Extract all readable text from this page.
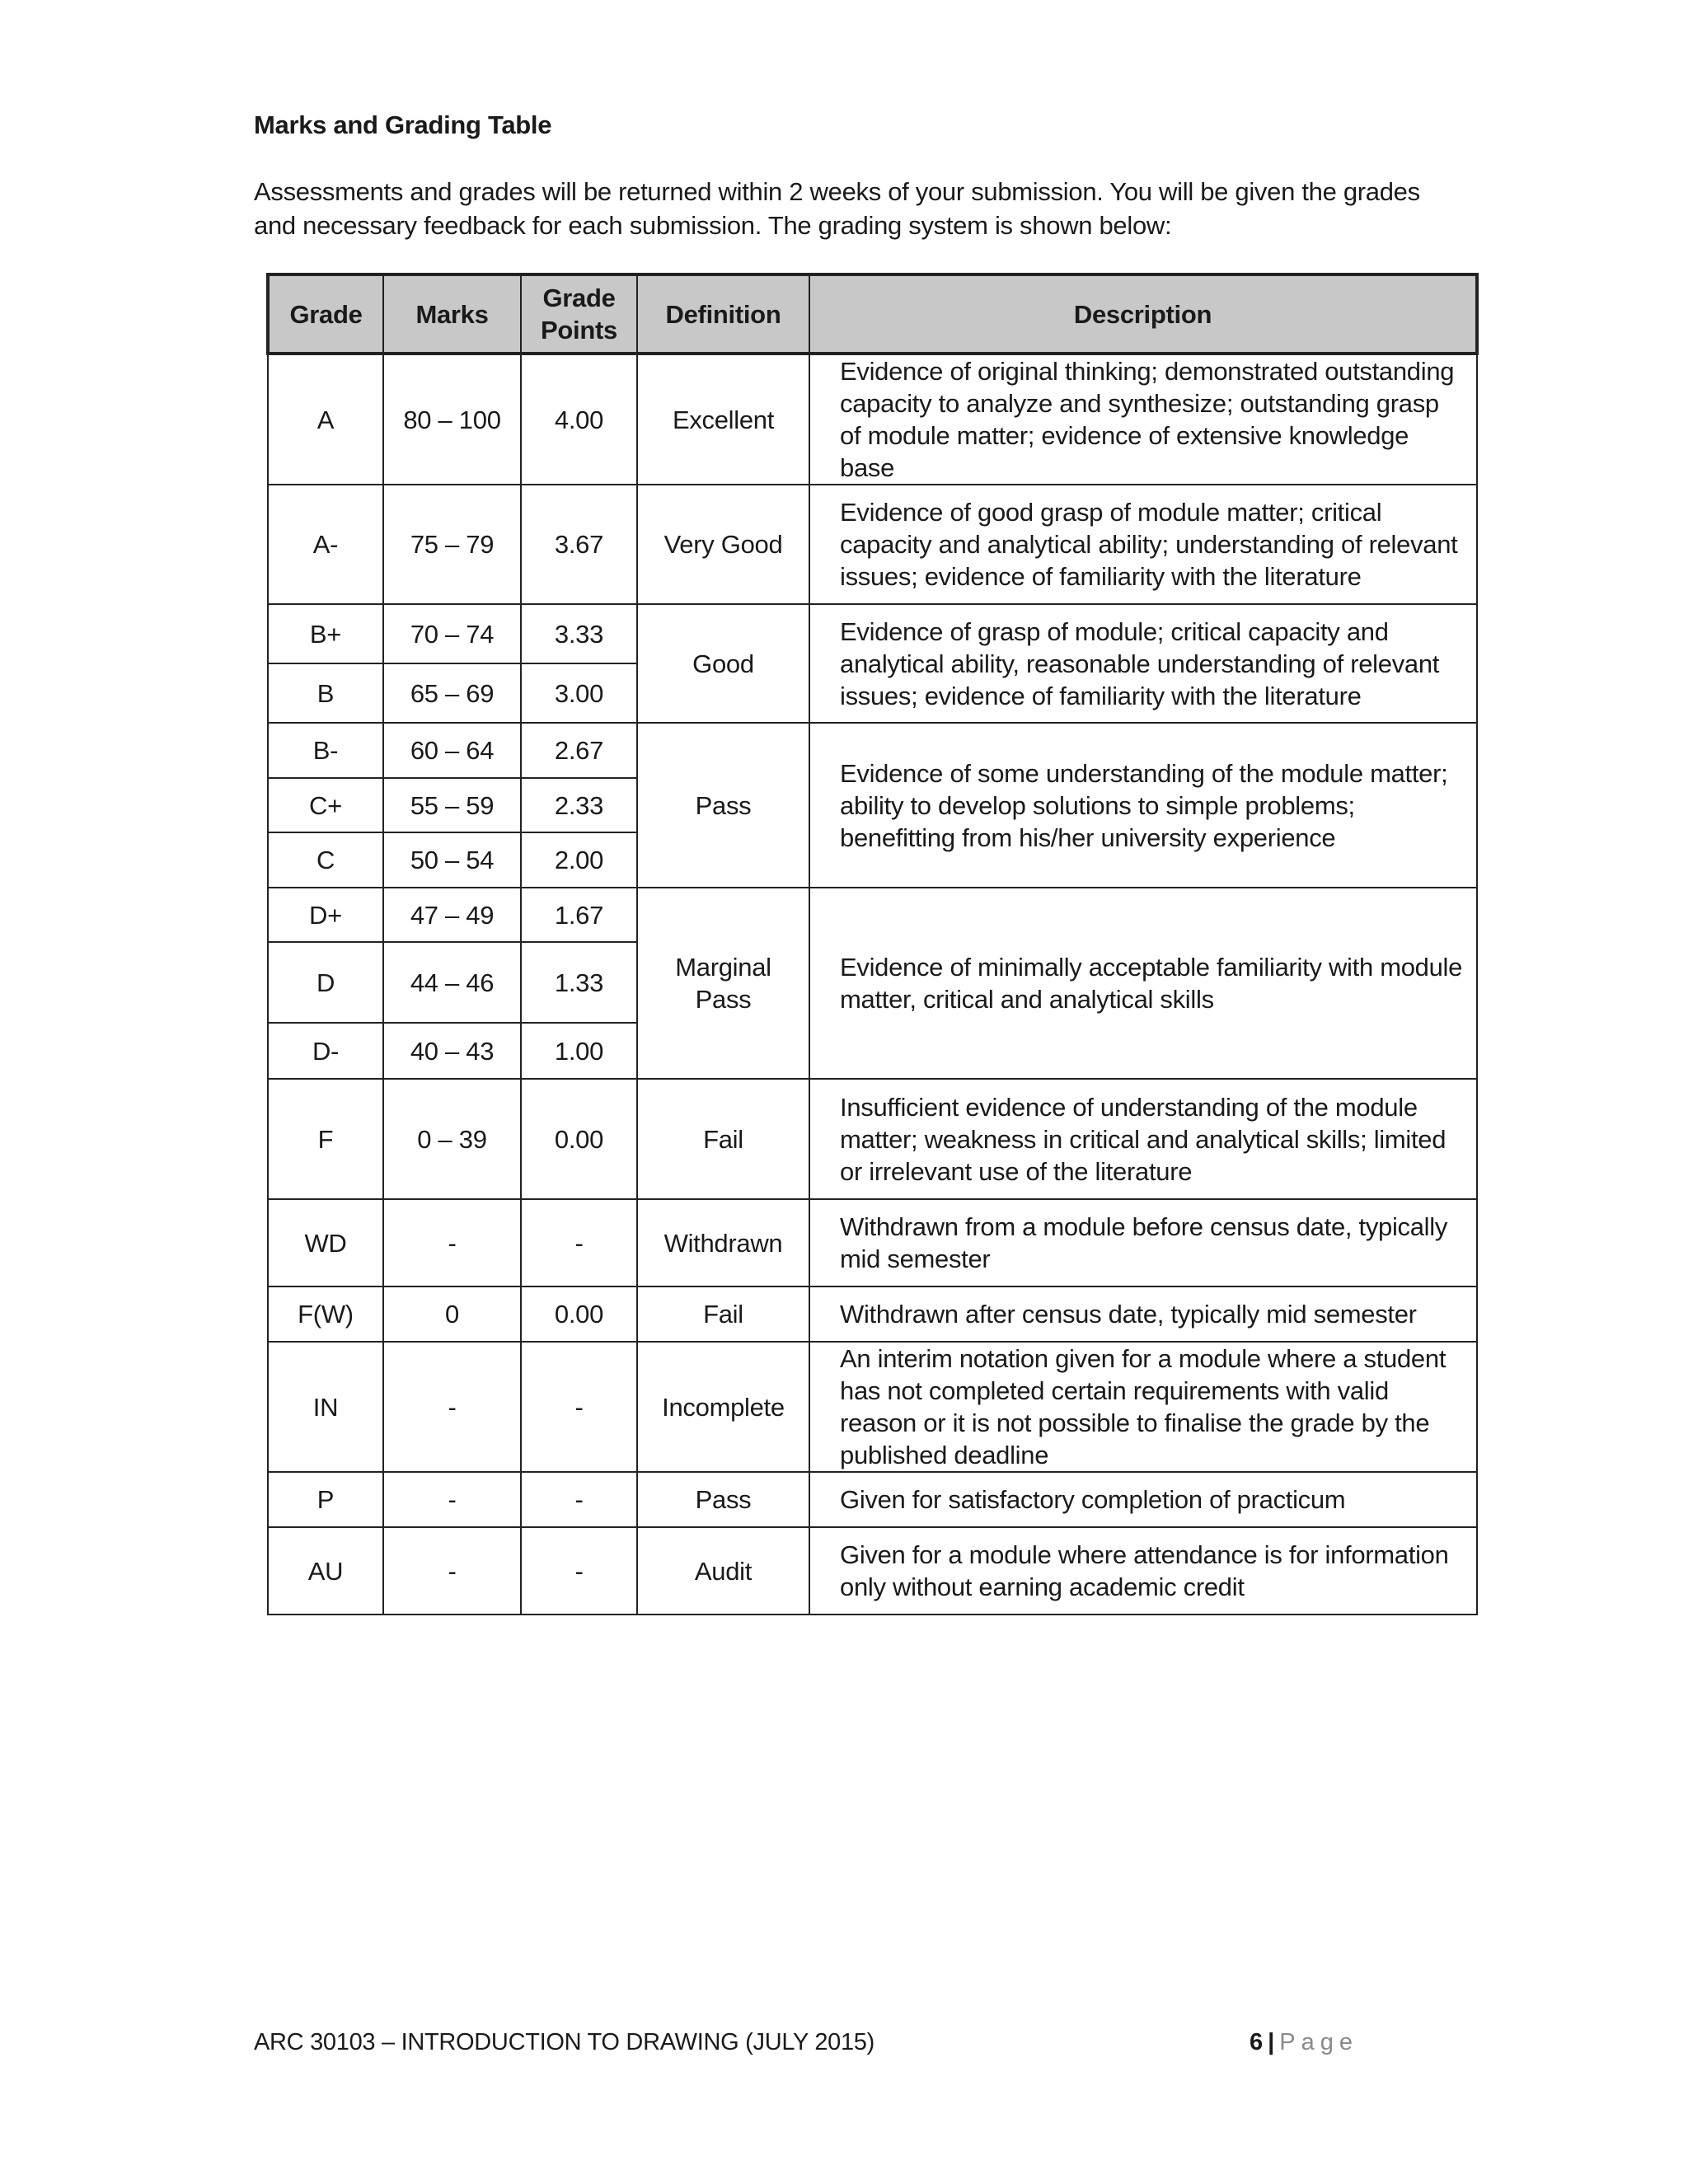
Marks and Grading Table

Assessments and grades will be returned within 2 weeks of your submission. You will be given the grades

and necessary feedback for each submission. The grading system is shown below:

Grade	Marks	Grade Points	Definition	Description
A	80 – 100	4.00	Excellent	Evidence of original thinking; demonstrated outstanding capacity to analyze and synthesize; outstanding grasp of module matter; evidence of extensive knowledge base
A-	75 – 79	3.67	Very Good	Evidence of good grasp of module matter; critical capacity and analytical ability; understanding of relevant issues; evidence of familiarity with the literature
B+	70 – 74	3.33	Good	Evidence of grasp of module; critical capacity and analytical ability, reasonable understanding of relevant issues; evidence of familiarity with the literature
B	65 – 69	3.00		
B-	60 – 64	2.67	Pass	Evidence of some understanding of the module matter; ability to develop solutions to simple problems; benefitting from his/her university experience
C+	55 – 59	2.33		
C	50 – 54	2.00		
D+	47 – 49	1.67	Marginal Pass	Evidence of minimally acceptable familiarity with module matter, critical and analytical skills
D	44 – 46	1.33		
D-	40 – 43	1.00		
F	0 – 39	0.00	Fail	Insufficient evidence of understanding of the module matter; weakness in critical and analytical skills; limited or irrelevant use of the literature
WD	-	-	Withdrawn	Withdrawn from a module before census date, typically mid semester
F(W)	0	0.00	Fail	Withdrawn after census date, typically mid semester
IN	-	-	Incomplete	An interim notation given for a module where a student has not completed certain requirements with valid reason or it is not possible to finalise the grade by the published deadline
P	-	-	Pass	Given for satisfactory completion of practicum
AU	-	-	Audit	Given for a module where attendance is for information only without earning academic credit
ARC 30103 – INTRODUCTION TO DRAWING (JULY 2015)	6 | Page
